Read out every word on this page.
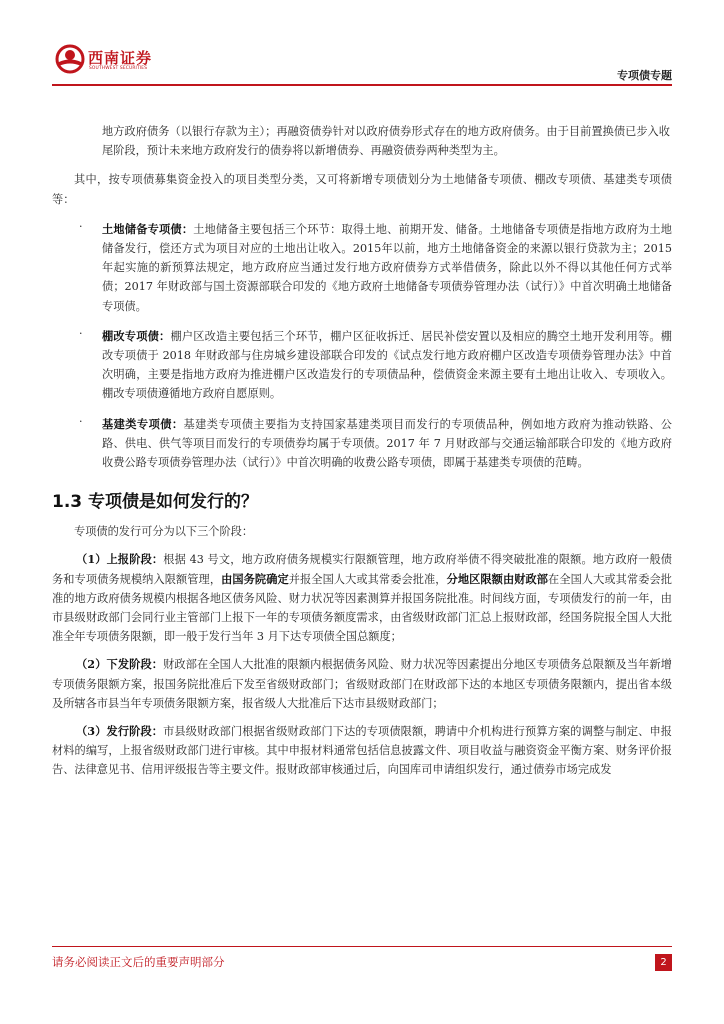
西南证券
SOUTHWEST SECURITIES
专项债专题

地方政府债务（以银行存款为主）；再融资债券针对以政府债券形式存在的地方政府债务。由于目前置换债已步入收尾阶段，预计未来地方政府发行的债券将以新增债券、再融资债券两种类型为主。

其中，按专项债募集资金投入的项目类型分类，又可将新增专项债划分为土地储备专项债、棚改专项债、基建类专项债等：

· 土地储备专项债：土地储备主要包括三个环节：取得土地、前期开发、储备。土地储备专项债是指地方政府为土地储备发行，偿还方式为项目对应的土地出让收入。2015年以前，地方土地储备资金的来源以银行贷款为主；2015年起实施的新预算法规定，地方政府应当通过发行地方政府债券方式举借债务，除此以外不得以其他任何方式举债；2017 年财政部与国土资源部联合印发的《地方政府土地储备专项债券管理办法（试行）》中首次明确土地储备专项债。

· 棚改专项债：棚户区改造主要包括三个环节，棚户区征收拆迁、居民补偿安置以及相应的腾空土地开发利用等。棚改专项债于 2018 年财政部与住房城乡建设部联合印发的《试点发行地方政府棚户区改造专项债券管理办法》中首次明确，主要是指地方政府为推进棚户区改造发行的专项债品种，偿债资金来源主要有土地出让收入、专项收入。棚改专项债遵循地方政府自愿原则。

· 基建类专项债：基建类专项债主要指为支持国家基建类项目而发行的专项债品种，例如地方政府为推动铁路、公路、供电、供气等项目而发行的专项债券均属于专项债。2017 年 7 月财政部与交通运输部联合印发的《地方政府收费公路专项债券管理办法（试行）》中首次明确的收费公路专项债，即属于基建类专项债的范畴。

1.3 专项债是如何发行的？

专项债的发行可分为以下三个阶段：

（1）上报阶段：根据 43 号文，地方政府债务规模实行限额管理，地方政府举债不得突破批准的限额。地方政府一般债务和专项债务规模纳入限额管理，由国务院确定并报全国人大或其常委会批准，分地区限额由财政部在全国人大或其常委会批准的地方政府债务规模内根据各地区债务风险、财力状况等因素测算并报国务院批准。时间线方面，专项债发行的前一年，由市县级财政部门会同行业主管部门上报下一年的专项债务额度需求，由省级财政部门汇总上报财政部，经国务院报全国人大批准全年专项债务限额，即一般于发行当年 3 月下达专项债全国总额度；

（2）下发阶段：财政部在全国人大批准的限额内根据债务风险、财力状况等因素提出分地区专项债务总限额及当年新增专项债务限额方案，报国务院批准后下发至省级财政部门；省级财政部门在财政部下达的本地区专项债务限额内，提出省本级及所辖各市县当年专项债务限额方案，报省级人大批准后下达市县级财政部门；

（3）发行阶段：市县级财政部门根据省级财政部门下达的专项债限额，聘请中介机构进行预算方案的调整与制定、申报材料的编写，上报省级财政部门进行审核。其中申报材料通常包括信息披露文件、项目收益与融资资金平衡方案、财务评价报告、法律意见书、信用评级报告等主要文件。报财政部审核通过后，向国库司申请组织发行，通过债券市场完成发

请务必阅读正文后的重要声明部分	2
